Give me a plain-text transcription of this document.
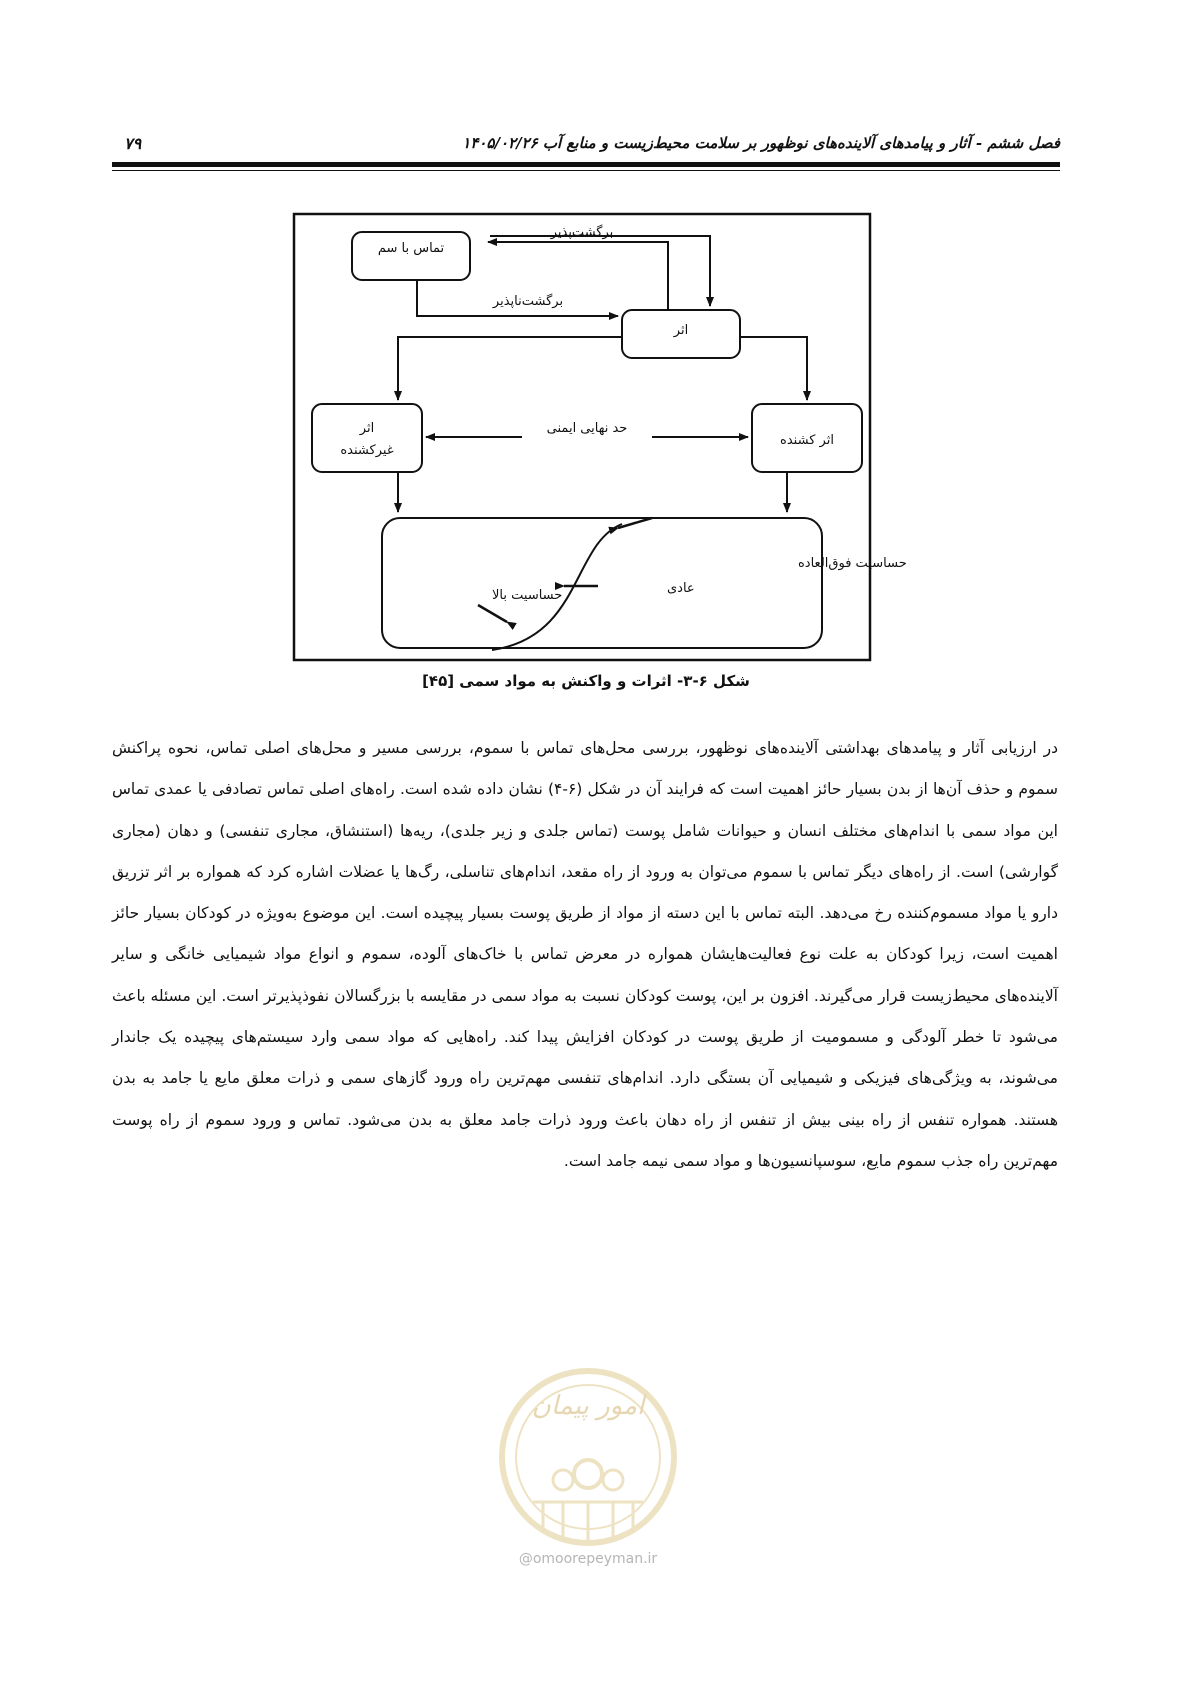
فصل ششم - آثار و پیامدهای آلاینده‌های نوظهور بر سلامت محیط‌زیست و منابع آب ۱۴۰۵/۰۲/۲۶
۷۹
تماس با سم
اثر
اثر
غیرکشنده
اثر کشنده
برگشت‌پذیر
برگشت‌ناپذیر
حد نهایی ایمنی
حساسیت فوق‌العاده
عادی
حساسیت بالا
شکل ۶-۳- اثرات و واکنش به مواد سمی [۴۵]
در ارزیابی آثار و پیامدهای بهداشتی آلاینده‌های نوظهور، بررسی محل‌های تماس با سموم، بررسی مسیر و محل‌های اصلی تماس، نحوه پراکنش سموم و حذف آن‌ها از بدن بسیار حائز اهمیت است که فرایند آن در شکل (۶-۴) نشان داده شده است. راه‌های اصلی تماس تصادفی یا عمدی تماس این مواد سمی با اندام‌های مختلف انسان و حیوانات شامل پوست (تماس جلدی و زیر جلدی)، ریه‌ها (استنشاق، مجاری تنفسی) و دهان (مجاری گوارشی) است. از راه‌های دیگر تماس با سموم می‌توان به ورود از راه مقعد، اندام‌های تناسلی، رگ‌ها یا عضلات اشاره کرد که همواره بر اثر تزریق دارو یا مواد مسموم‌کننده رخ می‌دهد. البته تماس با این دسته از مواد از طریق پوست بسیار پیچیده است. این موضوع به‌ویژه در کودکان بسیار حائز اهمیت است، زیرا کودکان به علت نوع فعالیت‌هایشان همواره در معرض تماس با خاک‌های آلوده، سموم و انواع مواد شیمیایی خانگی و سایر آلاینده‌های محیط‌زیست قرار می‌گیرند. افزون بر این، پوست کودکان نسبت به مواد سمی در مقایسه با بزرگسالان نفوذپذیرتر است. این مسئله باعث می‌شود تا خطر آلودگی و مسمومیت از طریق پوست در کودکان افزایش پیدا کند. راه‌هایی که مواد سمی وارد سیستم‌های پیچیده یک جاندار می‌شوند، به ویژگی‌های فیزیکی و شیمیایی آن بستگی دارد. اندام‌های تنفسی مهم‌ترین راه ورود گازهای سمی و ذرات معلق مایع یا جامد به بدن هستند. همواره تنفس از راه بینی بیش از تنفس از راه دهان باعث ورود ذرات جامد معلق به بدن می‌شود. تماس و ورود سموم از راه پوست مهم‌ترین راه جذب سموم مایع، سوسپانسیون‌ها و مواد سمی نیمه جامد است.
امور پیمان
@omoorepeyman.ir
